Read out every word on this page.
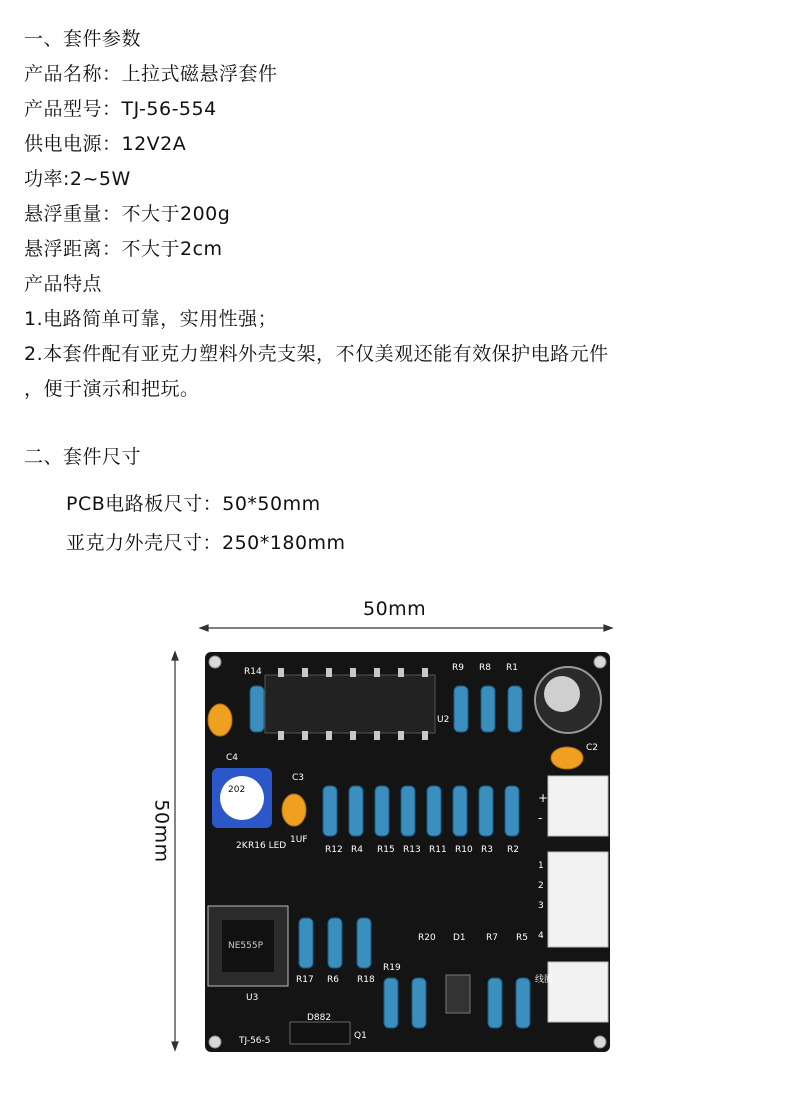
一、套件参数
产品名称：上拉式磁悬浮套件
产品型号：TJ-56-554
供电电源：12V2A
功率:2~5W
悬浮重量：不大于200g
悬浮距离：不大于2cm
产品特点
1.电路简单可靠，实用性强；
2.本套件配有亚克力塑料外壳支架，不仅美观还能有效保护电路元件
，便于演示和把玩。
二、套件尺寸
PCB电路板尺寸：50*50mm
亚克力外壳尺寸：250*180mm
50mm
50mm
R14	R9 R8 R1
U2
C2
C3
C4
1UF
202
R16 LED
2K	R12 R4 R15 R13 R11 R10 R3 R2
R17 R6 R18
R19
R20	R7 R5
D1
U3
NE555P
D882
Q1
TJ-56-5
+
-
1
2
3
4
线圈
